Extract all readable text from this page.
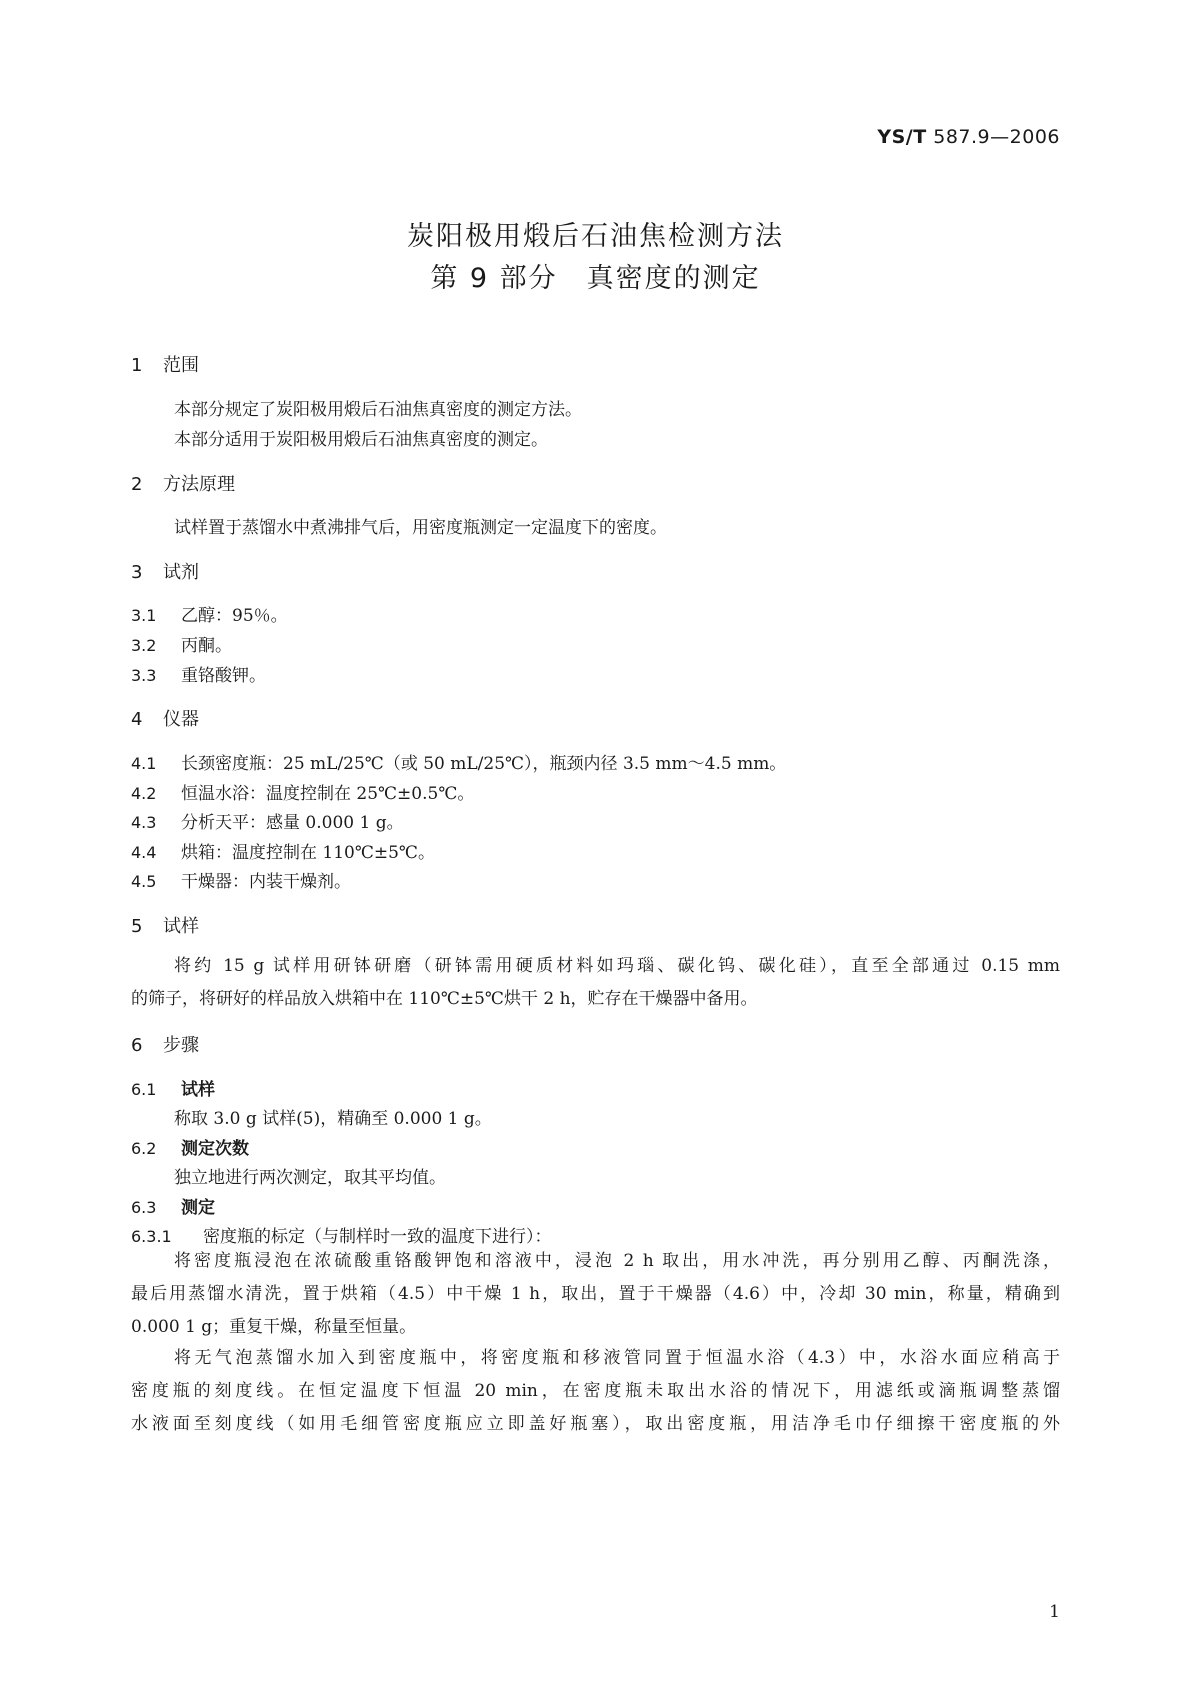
YS/T 587.9—2006
炭阳极用煅后石油焦检测方法
第 9 部分　真密度的测定
1 范围
本部分规定了炭阳极用煅后石油焦真密度的测定方法。
本部分适用于炭阳极用煅后石油焦真密度的测定。
2 方法原理
试样置于蒸馏水中煮沸排气后，用密度瓶测定一定温度下的密度。
3 试剂
3.1 乙醇：95％。
3.2 丙酮。
3.3 重铬酸钾。
4 仪器
4.1 长颈密度瓶：25 mL/25℃（或 50 mL/25℃），瓶颈内径 3.5 mm～4.5 mm。
4.2 恒温水浴：温度控制在 25℃±0.5℃。
4.3 分析天平：感量 0.000 1 g。
4.4 烘箱：温度控制在 110℃±5℃。
4.5 干燥器：内装干燥剂。
5 试样
将约 15 g 试样用研钵研磨（研钵需用硬质材料如玛瑙、碳化钨、碳化硅），直至全部通过 0.15 mm
的筛子，将研好的样品放入烘箱中在 110℃±5℃烘干 2 h，贮存在干燥器中备用。
6 步骤
6.1 试样
称取 3.0 g 试样(5)，精确至 0.000 1 g。
6.2 测定次数
独立地进行两次测定，取其平均值。
6.3 测定
6.3.1 密度瓶的标定（与制样时一致的温度下进行）：
将密度瓶浸泡在浓硫酸重铬酸钾饱和溶液中，浸泡 2 h 取出，用水冲洗，再分别用乙醇、丙酮洗涤，
最后用蒸馏水清洗，置于烘箱（4.5）中干燥 1 h，取出，置于干燥器（4.6）中，冷却 30 min，称量，精确到
0.000 1 g；重复干燥，称量至恒量。
将无气泡蒸馏水加入到密度瓶中，将密度瓶和移液管同置于恒温水浴（4.3）中，水浴水面应稍高于
密度瓶的刻度线。在恒定温度下恒温 20 min，在密度瓶未取出水浴的情况下，用滤纸或滴瓶调整蒸馏
水液面至刻度线（如用毛细管密度瓶应立即盖好瓶塞），取出密度瓶，用洁净毛巾仔细擦干密度瓶的外
1
